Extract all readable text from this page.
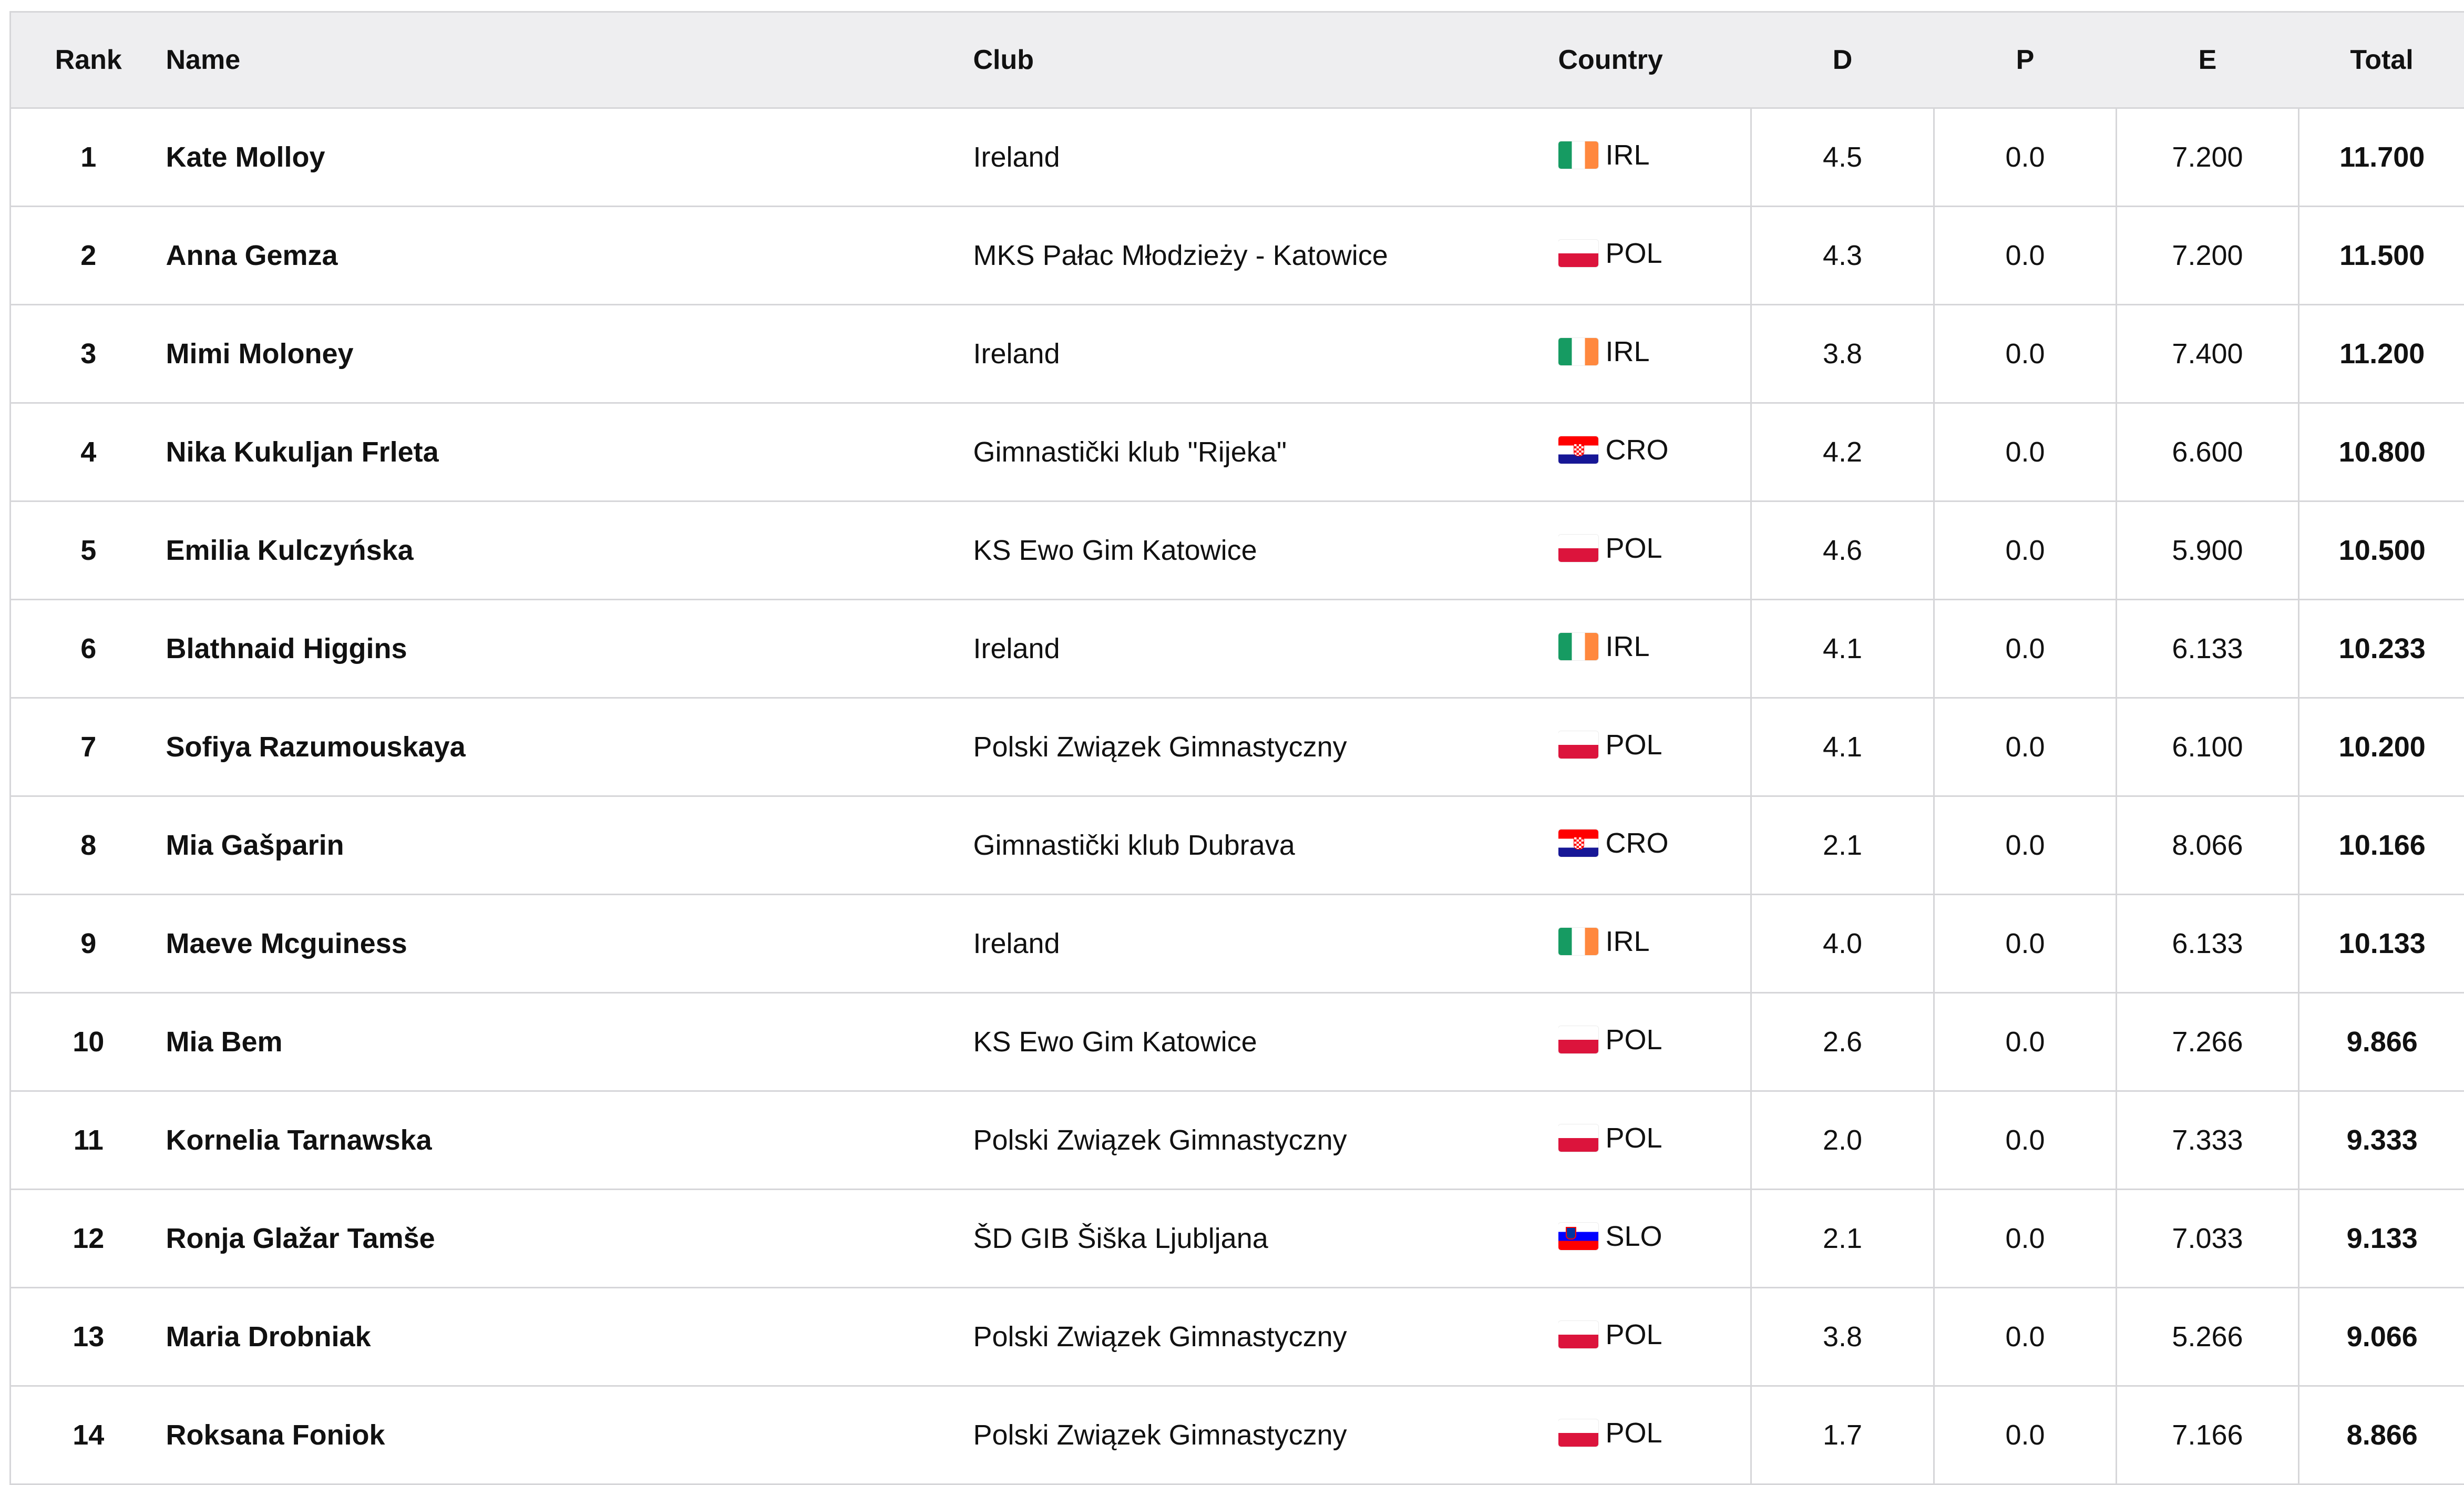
Rank	Name	Club	Country	D	P	E	Total
1	Kate Molloy	Ireland	IRL	4.5	0.0	7.200	11.700
2	Anna Gemza	MKS Pałac Młodzieży - Katowice	POL	4.3	0.0	7.200	11.500
3	Mimi Moloney	Ireland	IRL	3.8	0.0	7.400	11.200
4	Nika Kukuljan Frleta	Gimnastički klub "Rijeka"	CRO	4.2	0.0	6.600	10.800
5	Emilia Kulczyńska	KS Ewo Gim Katowice	POL	4.6	0.0	5.900	10.500
6	Blathnaid Higgins	Ireland	IRL	4.1	0.0	6.133	10.233
7	Sofiya Razumouskaya	Polski Związek Gimnastyczny	POL	4.1	0.0	6.100	10.200
8	Mia Gašparin	Gimnastički klub Dubrava	CRO	2.1	0.0	8.066	10.166
9	Maeve Mcguiness	Ireland	IRL	4.0	0.0	6.133	10.133
10	Mia Bem	KS Ewo Gim Katowice	POL	2.6	0.0	7.266	9.866
11	Kornelia Tarnawska	Polski Związek Gimnastyczny	POL	2.0	0.0	7.333	9.333
12	Ronja Glažar Tamše	ŠD GIB Šiška Ljubljana	SLO	2.1	0.0	7.033	9.133
13	Maria Drobniak	Polski Związek Gimnastyczny	POL	3.8	0.0	5.266	9.066
14	Roksana Foniok	Polski Związek Gimnastyczny	POL	1.7	0.0	7.166	8.866
